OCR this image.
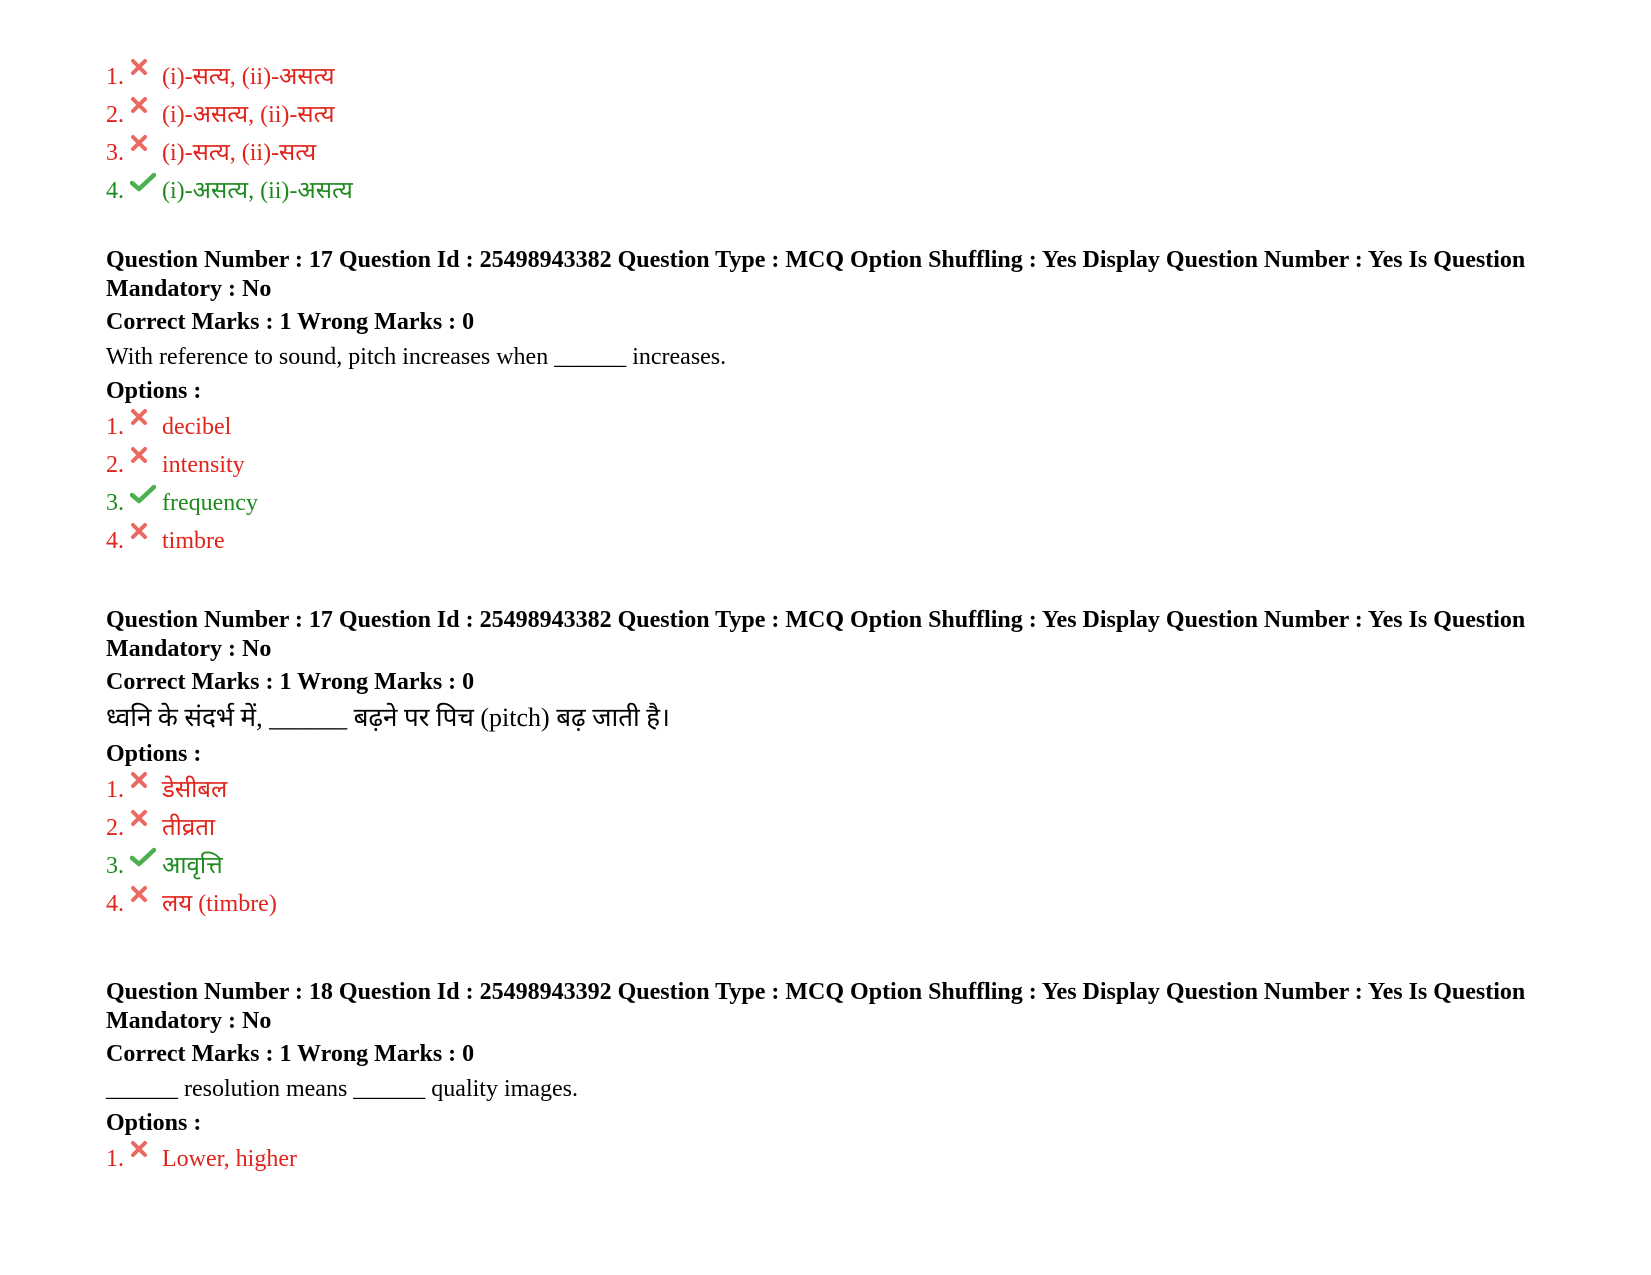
1. (i)-सत्य, (ii)-असत्य
2. (i)-असत्य, (ii)-सत्य
3. (i)-सत्य, (ii)-सत्य
4. (i)-असत्य, (ii)-असत्य

Question Number : 17 Question Id : 25498943382 Question Type : MCQ Option Shuffling : Yes Display Question Number : Yes Is Question Mandatory : No

Correct Marks : 1 Wrong Marks : 0
With reference to sound, pitch increases when ______ increases.
Options :
1. decibel
2. intensity
3. frequency
4. timbre

Question Number : 17 Question Id : 25498943382 Question Type : MCQ Option Shuffling : Yes Display Question Number : Yes Is Question Mandatory : No

Correct Marks : 1 Wrong Marks : 0
ध्वनि के संदर्भ में, ______ बढ़ने पर पिच (pitch) बढ़ जाती है।
Options :
1. डेसीबल
2. तीव्रता
3. आवृत्ति
4. लय (timbre)

Question Number : 18 Question Id : 25498943392 Question Type : MCQ Option Shuffling : Yes Display Question Number : Yes Is Question Mandatory : No

Correct Marks : 1 Wrong Marks : 0
______ resolution means ______ quality images.
Options :
1. Lower, higher
